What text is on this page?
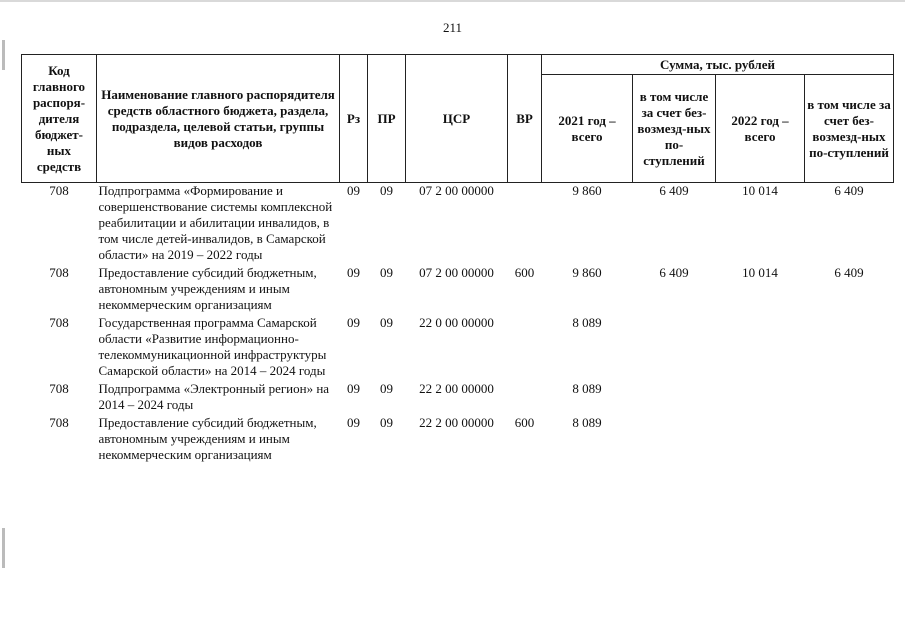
211
Код главного распоря-дителя бюджет-ных средств	Наименование главного распорядителя средств областного бюджета, раздела, подраздела, целевой статьи, группы видов расходов	Рз	ПР	ЦСР	ВР	Сумма, тыс. рублей			
						2021 год – всего	в том числе за счет без-возмезд-ных по-ступлений	2022 год – всего	в том числе за счет без-возмезд-ных по-ступлений
708	Подпрограмма «Формирование и совершенствование системы комплексной реабилитации и абилитации инвалидов, в том числе детей-инвалидов, в Самарской области» на 2019 – 2022 годы	09	09	07 2 00 00000		9 860	6 409	10 014	6 409
708	Предоставление субсидий бюджетным, автономным учреждениям и иным некоммерческим организациям	09	09	07 2 00 00000	600	9 860	6 409	10 014	6 409
708	Государственная программа Самарской области «Развитие информационно-телекоммуникационной инфраструктуры Самарской области» на 2014 – 2024 годы	09	09	22 0 00 00000		8 089			
708	Подпрограмма «Электронный регион» на 2014 – 2024 годы	09	09	22 2 00 00000		8 089			
708	Предоставление субсидий бюджетным, автономным учреждениям и иным некоммерческим организациям	09	09	22 2 00 00000	600	8 089			
